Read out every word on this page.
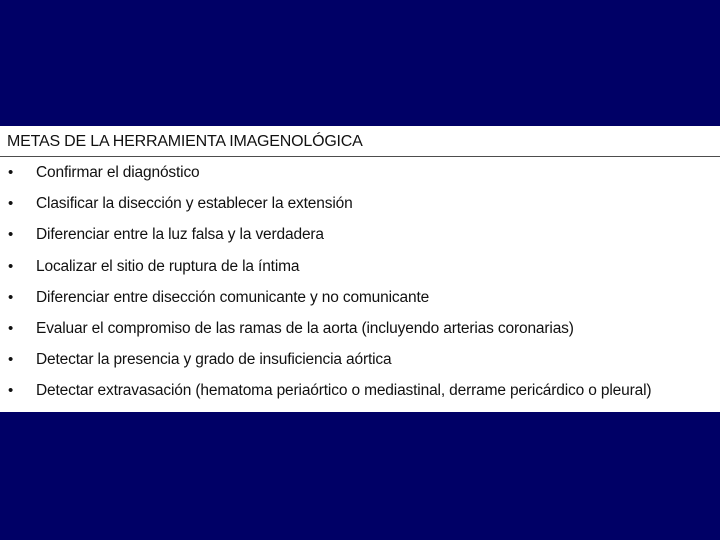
METAS DE LA HERRAMIENTA IMAGENOLÓGICA
• Confirmar el diagnóstico
• Clasificar la disección y establecer la extensión
• Diferenciar entre la luz falsa y la verdadera
• Localizar el sitio de ruptura de la íntima
• Diferenciar entre disección comunicante y no comunicante
• Evaluar el compromiso de las ramas de la aorta (incluyendo arterias coronarias)
• Detectar la presencia y grado de insuficiencia aórtica
• Detectar extravasación (hematoma periaórtico o mediastinal, derrame pericárdico o pleural)
